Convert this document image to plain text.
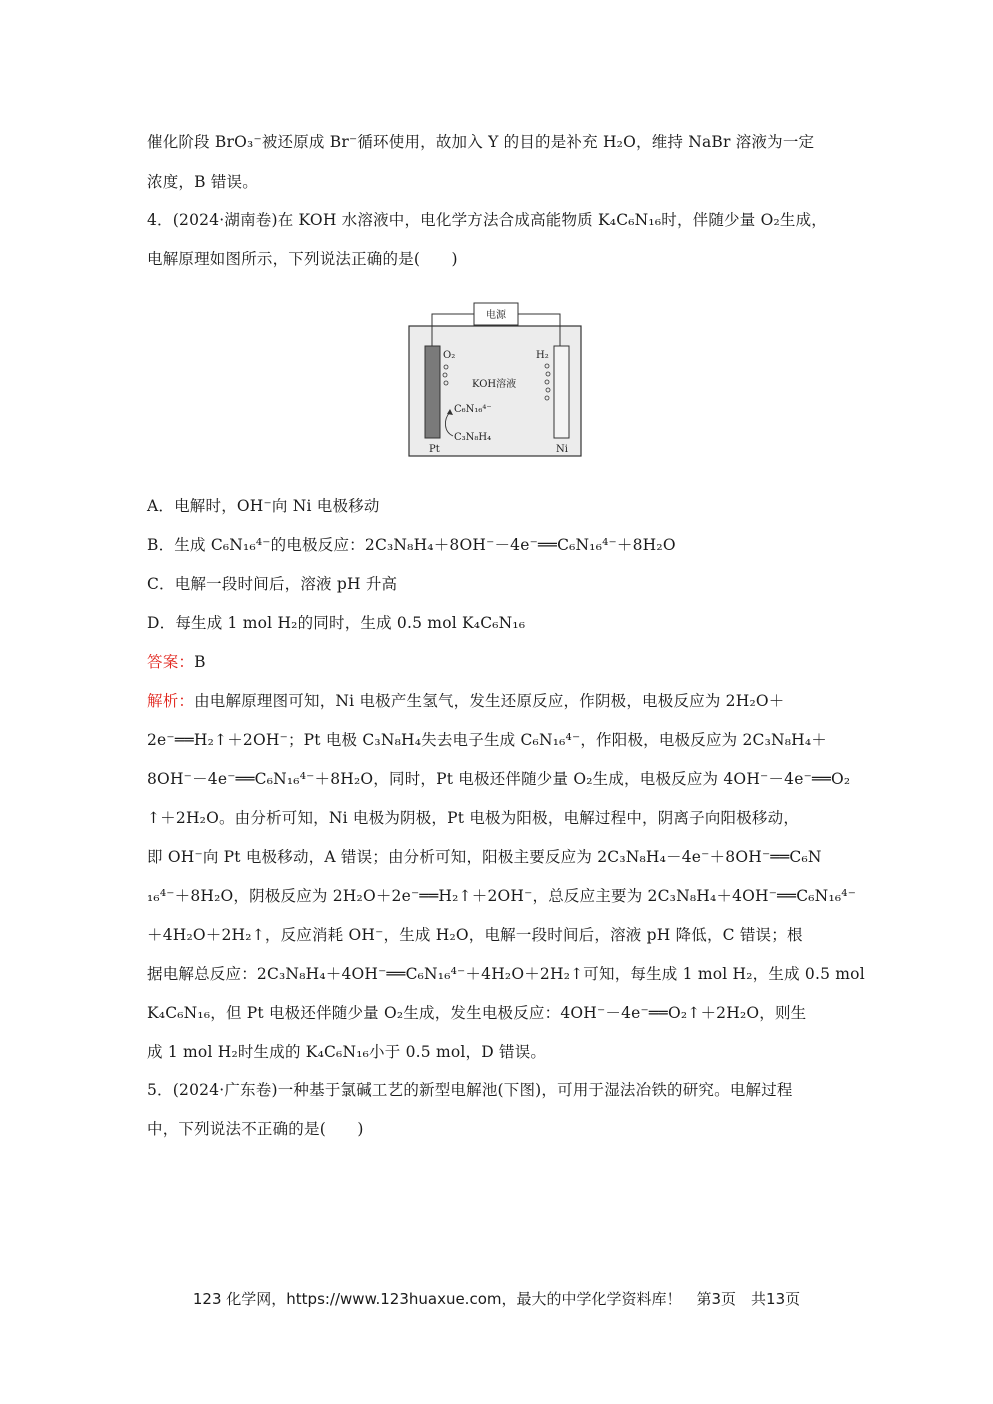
催化阶段 BrO₃⁻被还原成 Br⁻循环使用，故加入 Y 的目的是补充 H₂O，维持 NaBr 溶液为一定
浓度，B 错误。
4．(2024·湖南卷)在 KOH 水溶液中，电化学方法合成高能物质 K₄C₆N₁₆时，伴随少量 O₂生成，
电解原理如图所示，下列说法正确的是(　　)
电源
O₂	H₂
KOH溶液
C₆N₁₆⁴⁻
C₃N₈H₄
Pt	Ni
A．电解时，OH⁻向 Ni 电极移动
B．生成 C₆N₁₆⁴⁻的电极反应：2C₃N₈H₄＋8OH⁻－4e⁻══C₆N₁₆⁴⁻＋8H₂O
C．电解一段时间后，溶液 pH 升高
D．每生成 1 mol H₂的同时，生成 0.5 mol K₄C₆N₁₆
答案：B
解析：由电解原理图可知，Ni 电极产生氢气，发生还原反应，作阴极，电极反应为 2H₂O＋
2e⁻══H₂↑＋2OH⁻；Pt 电极 C₃N₈H₄失去电子生成 C₆N₁₆⁴⁻，作阳极，电极反应为 2C₃N₈H₄＋
8OH⁻－4e⁻══C₆N₁₆⁴⁻＋8H₂O，同时，Pt 电极还伴随少量 O₂生成，电极反应为 4OH⁻－4e⁻══O₂
↑＋2H₂O。由分析可知，Ni 电极为阴极，Pt 电极为阳极，电解过程中，阴离子向阳极移动，
即 OH⁻向 Pt 电极移动，A 错误；由分析可知，阳极主要反应为 2C₃N₈H₄－4e⁻＋8OH⁻══C₆N
₁₆⁴⁻＋8H₂O，阴极反应为 2H₂O＋2e⁻══H₂↑＋2OH⁻，总反应主要为 2C₃N₈H₄＋4OH⁻══C₆N₁₆⁴⁻
＋4H₂O＋2H₂↑，反应消耗 OH⁻，生成 H₂O，电解一段时间后，溶液 pH 降低，C 错误；根
据电解总反应：2C₃N₈H₄＋4OH⁻══C₆N₁₆⁴⁻＋4H₂O＋2H₂↑可知，每生成 1 mol H₂，生成 0.5 mol
K₄C₆N₁₆，但 Pt 电极还伴随少量 O₂生成，发生电极反应：4OH⁻－4e⁻══O₂↑＋2H₂O，则生
成 1 mol H₂时生成的 K₄C₆N₁₆小于 0.5 mol，D 错误。
5．(2024·广东卷)一种基于氯碱工艺的新型电解池(下图)，可用于湿法冶铁的研究。电解过程
中，下列说法不正确的是(　　)
123 化学网，https://www.123huaxue.com，最大的中学化学资料库！　第3页　共13页
